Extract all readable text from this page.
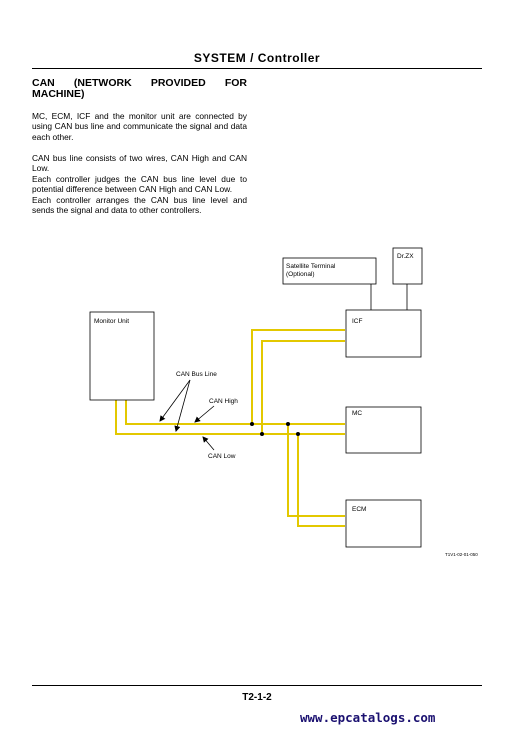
SYSTEM / Controller
CAN (NETWORK PROVIDED FOR
MACHINE)
MC, ECM, ICF and the monitor unit are connected by using CAN bus line and communicate the signal and data each other.
CAN bus line consists of two wires, CAN High and CAN Low.
Each controller judges the CAN bus line level due to potential difference between CAN High and CAN Low.
Each controller arranges the CAN bus line level and sends the signal and data to other controllers.
Monitor Unit	ICF
MC
ECM
Satellite Terminal
(Optional)
Dr.ZX
CAN Bus Line
CAN High
CAN Low
T1V1-02-01-050
T2-1-2
www.epcatalogs.com
